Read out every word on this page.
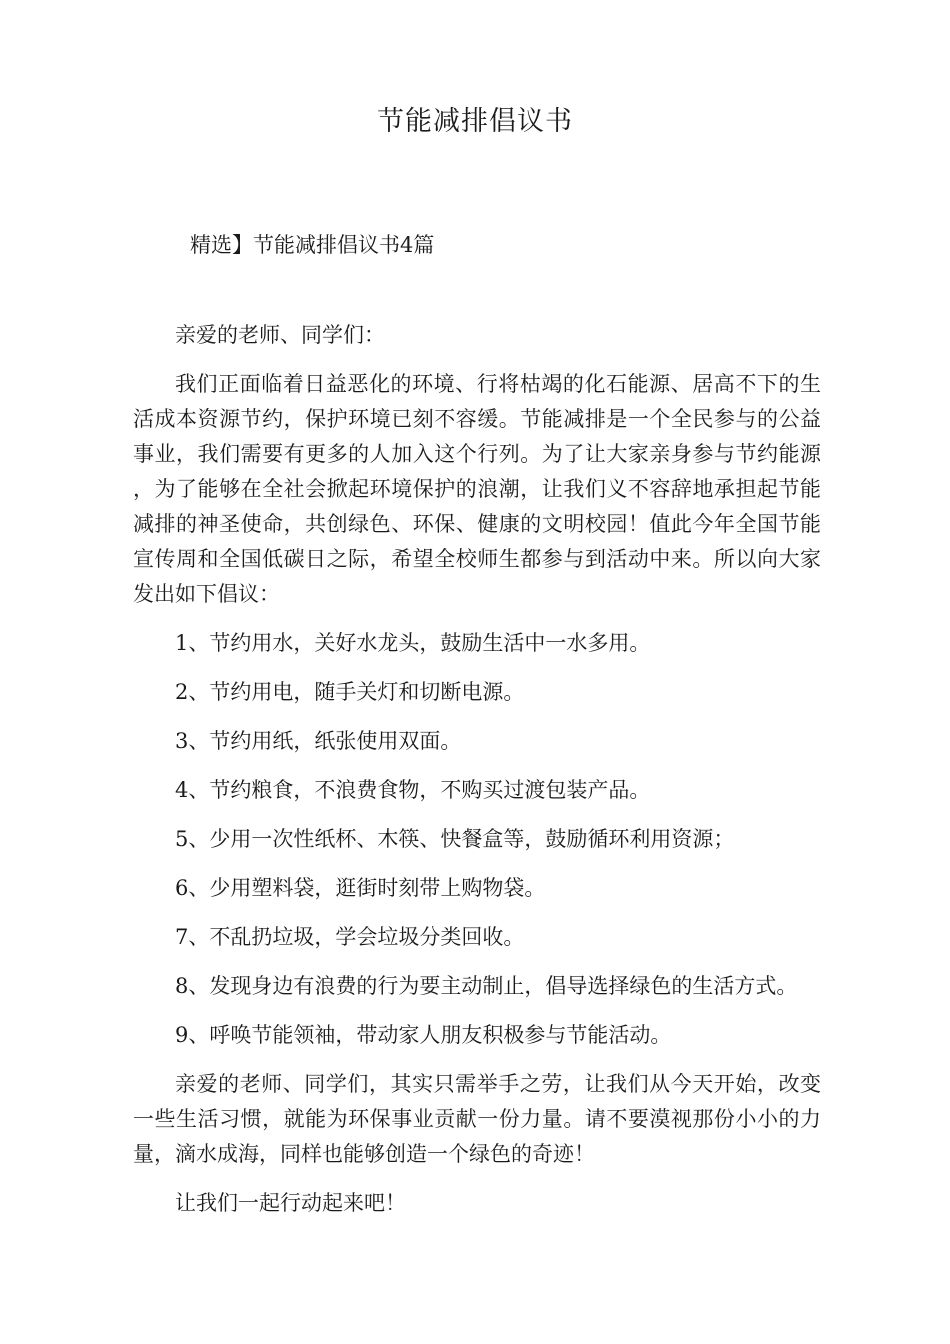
节能减排倡议书
精选】节能减排倡议书4篇

亲爱的老师、同学们：

我们正面临着日益恶化的环境、行将枯竭的化石能源、居高不下的生活成本资源节约，保护环境已刻不容缓。节能减排是一个全民参与的公益事业，我们需要有更多的人加入这个行列。为了让大家亲身参与节约能源，为了能够在全社会掀起环境保护的浪潮，让我们义不容辞地承担起节能减排的神圣使命，共创绿色、环保、健康的文明校园！值此今年全国节能宣传周和全国低碳日之际，希望全校师生都参与到活动中来。所以向大家发出如下倡议：

1、节约用水，关好水龙头，鼓励生活中一水多用。
2、节约用电，随手关灯和切断电源。
3、节约用纸，纸张使用双面。
4、节约粮食，不浪费食物，不购买过渡包装产品。
5、少用一次性纸杯、木筷、快餐盒等，鼓励循环利用资源；
6、少用塑料袋，逛街时刻带上购物袋。
7、不乱扔垃圾，学会垃圾分类回收。
8、发现身边有浪费的行为要主动制止，倡导选择绿色的生活方式。
9、呼唤节能领袖，带动家人朋友积极参与节能活动。

亲爱的老师、同学们，其实只需举手之劳，让我们从今天开始，改变一些生活习惯，就能为环保事业贡献一份力量。请不要漠视那份小小的力量，滴水成海，同样也能够创造一个绿色的奇迹！

让我们一起行动起来吧！
